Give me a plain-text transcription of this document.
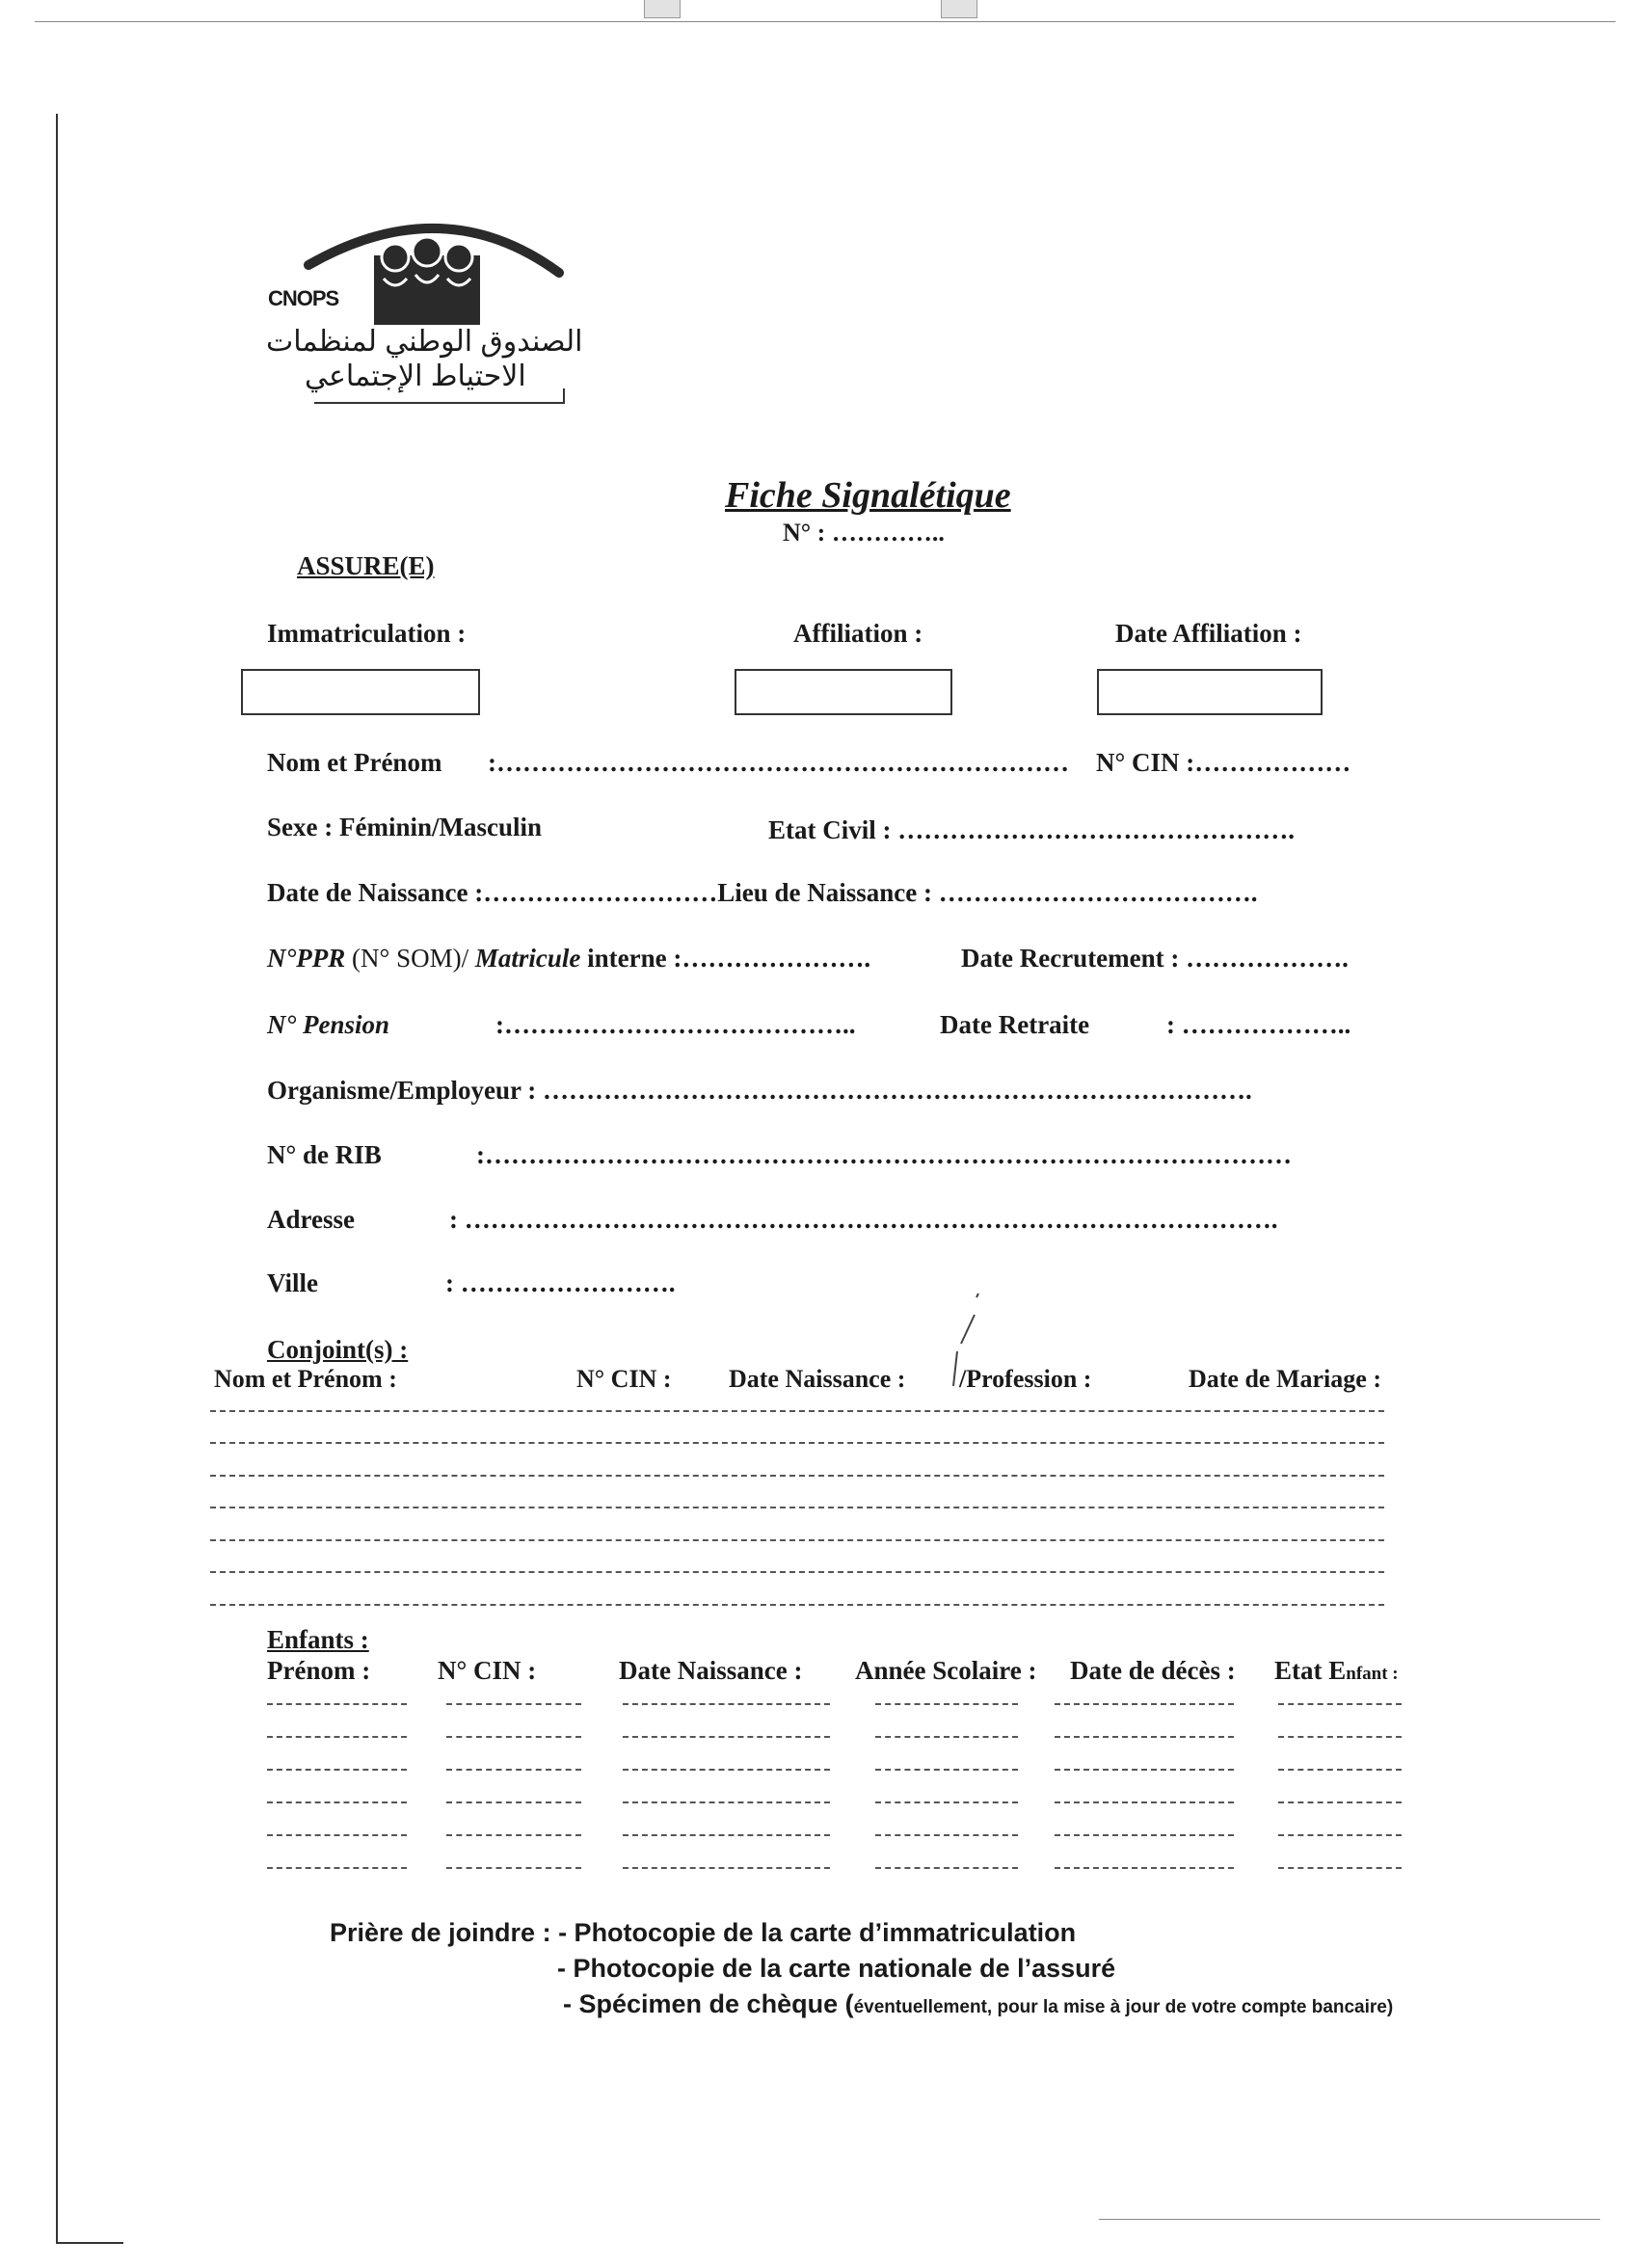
CNOPS
الصندوق الوطني لمنظمات
الاحتياط الإجتماعي
Fiche Signalétique
N° : …………..
ASSURE(E)
Immatriculation :	Affiliation :	Date Affiliation :
Nom et Prénom :………………………………………………………… N° CIN :………………
Sexe : Féminin/Masculin	Etat Civil : ……………………………………….
Date de Naissance :………………………Lieu de Naissance : ……………………………….
N°PPR (N° SOM)/ Matricule interne :………………….	Date Recrutement : ……………….
N° Pension	:…………………………………..	Date Retraite	: ………………..
Organisme/Employeur : ……………………………………………………………………….
N° de RIB	:…………………………………………………………………………………
Adresse	: ………………………………………………………………………………….
Ville	: …………………….
Conjoint(s) :
Nom et Prénom :	N° CIN : Date Naissance : /Profession :	Date de Mariage :
Enfants :
Prénom :	N° CIN :	Date Naissance : Année Scolaire : Date de décès : Etat Enfant :
Prière de joindre : - Photocopie de la carte d’immatriculation
- Photocopie de la carte nationale de l’assuré
- Spécimen de chèque (éventuellement, pour la mise à jour de votre compte bancaire)
